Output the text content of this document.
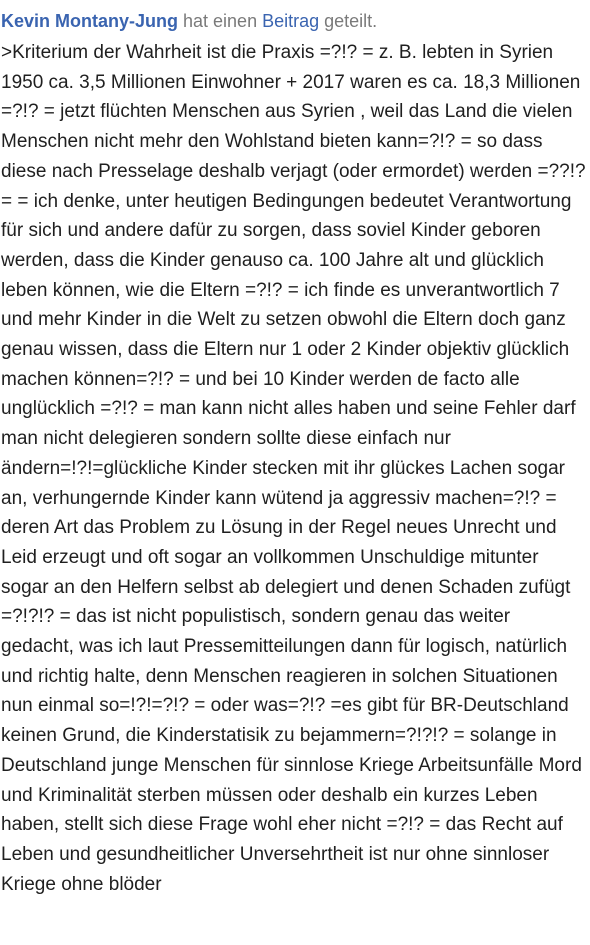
Kevin Montany-Jung hat einen Beitrag geteilt.

>Kriterium der Wahrheit ist die Praxis =?!? = z. B. lebten in Syrien 1950 ca. 3,5 Millionen Einwohner + 2017 waren es ca. 18,3 Millionen =?!? = jetzt flüchten Menschen aus Syrien , weil das Land die vielen Menschen nicht mehr den Wohlstand bieten kann=?!? = so dass diese nach Presselage deshalb verjagt (oder ermordet) werden =??!? = = ich denke, unter heutigen Bedingungen bedeutet Verantwortung für sich und andere dafür zu sorgen, dass soviel Kinder geboren werden, dass die Kinder genauso ca. 100 Jahre alt und glücklich leben können, wie die Eltern =?!? = ich finde es unverantwortlich 7 und mehr Kinder in die Welt zu setzen obwohl die Eltern doch ganz genau wissen, dass die Eltern nur 1 oder 2 Kinder objektiv glücklich machen können=?!? = und bei 10 Kinder werden de facto alle unglücklich =?!? = man kann nicht alles haben und seine Fehler darf man nicht delegieren sondern sollte diese einfach nur ändern=!?!=glückliche Kinder stecken mit ihr glückes Lachen sogar an, verhungernde Kinder kann wütend ja aggressiv machen=?!? = deren Art das Problem zu Lösung in der Regel neues Unrecht und Leid erzeugt und oft sogar an vollkommen Unschuldige mitunter sogar an den Helfern selbst ab delegiert und denen Schaden zufügt =?!?!? = das ist nicht populistisch, sondern genau das weiter gedacht, was ich laut Pressemitteilungen dann für logisch, natürlich und richtig halte, denn Menschen reagieren in solchen Situationen nun einmal so=!?!=?!? = oder was=?!? =es gibt für BR-Deutschland keinen Grund, die Kinderstatisik zu bejammern=?!?!? = solange in Deutschland junge Menschen für sinnlose Kriege Arbeitsunfälle Mord und Kriminalität sterben müssen oder deshalb ein kurzes Leben haben, stellt sich diese Frage wohl eher nicht =?!? = das Recht auf Leben und gesundheitlicher Unversehrtheit ist nur ohne sinnloser Kriege ohne blöder
